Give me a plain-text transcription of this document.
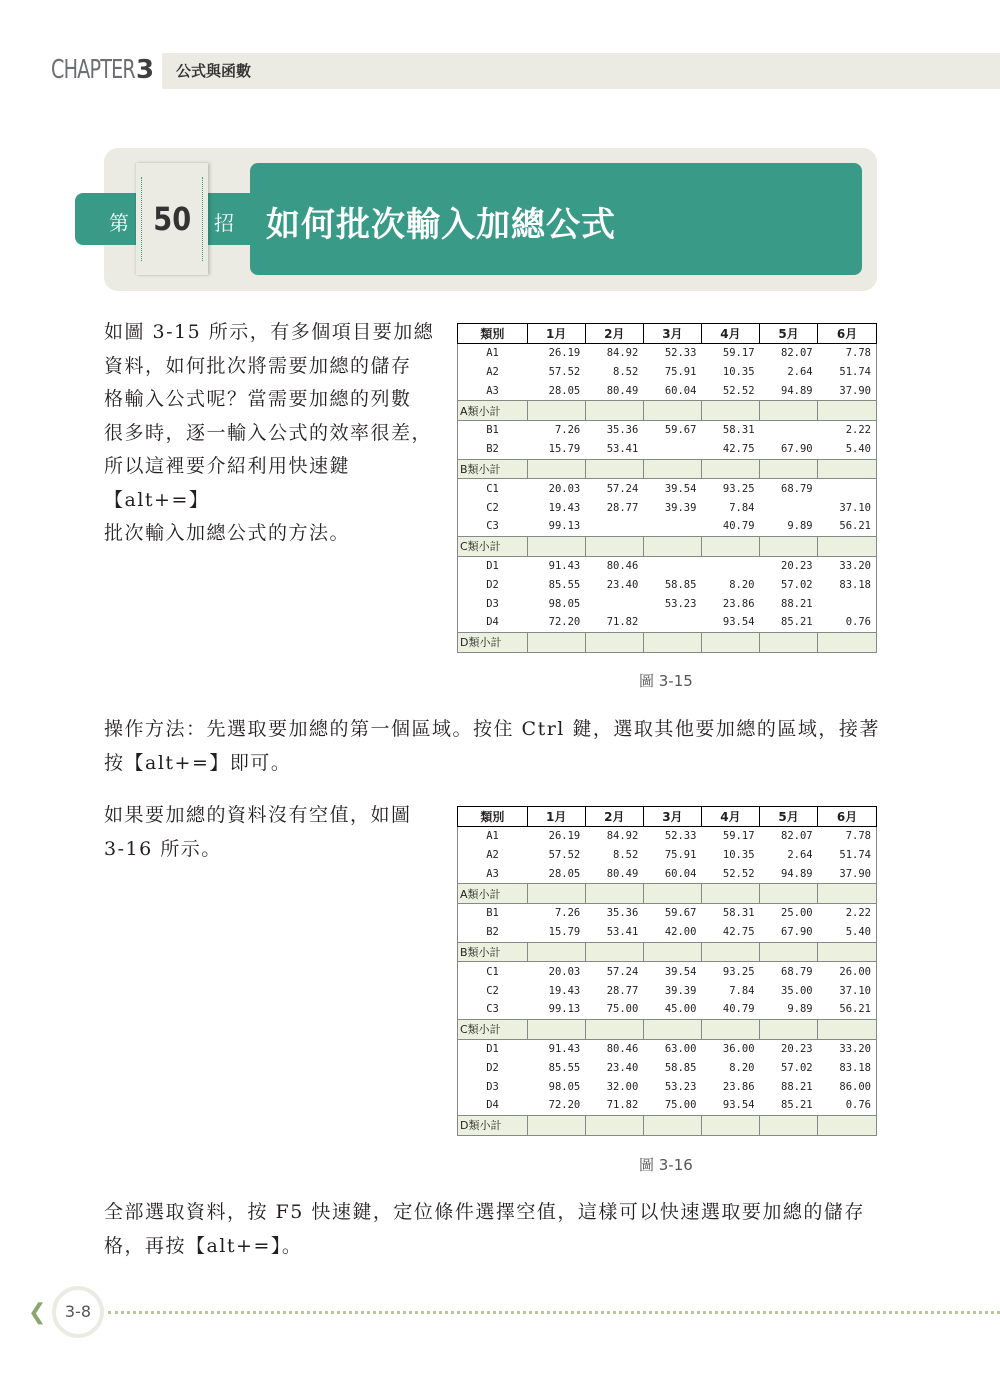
CHAPTER 3 公式與函數
第 50 招 如何批次輸入加總公式
如圖 3-15 所示，有多個項目要加總
資料，如何批次將需要加總的儲存
格輸入公式呢？當需要加總的列數
很多時，逐一輸入公式的效率很差，
所以這裡要介紹利用快速鍵【alt+=】
批次輸入加總公式的方法。
類別	1月	2月	3月	4月	5月	6月
A1	26.19	84.92	52.33	59.17	82.07	7.78
A2	57.52	8.52	75.91	10.35	2.64	51.74
A3	28.05	80.49	60.04	52.52	94.89	37.90
A類小計						
B1	7.26	35.36	59.67	58.31		2.22
B2	15.79	53.41		42.75	67.90	5.40
B類小計						
C1	20.03	57.24	39.54	93.25	68.79	
C2	19.43	28.77	39.39	7.84		37.10
C3	99.13			40.79	9.89	56.21
C類小計						
D1	91.43	80.46			20.23	33.20
D2	85.55	23.40	58.85	8.20	57.02	83.18
D3	98.05		53.23	23.86	88.21	
D4	72.20	71.82		93.54	85.21	0.76
D類小計						
圖 3-15
操作方法：先選取要加總的第一個區域。按住 Ctrl 鍵，選取其他要加總的區域，接著
按【alt+=】即可。
如果要加總的資料沒有空值，如圖
3-16 所示。
類別	1月	2月	3月	4月	5月	6月
A1	26.19	84.92	52.33	59.17	82.07	7.78
A2	57.52	8.52	75.91	10.35	2.64	51.74
A3	28.05	80.49	60.04	52.52	94.89	37.90
A類小計						
B1	7.26	35.36	59.67	58.31	25.00	2.22
B2	15.79	53.41	42.00	42.75	67.90	5.40
B類小計						
C1	20.03	57.24	39.54	93.25	68.79	26.00
C2	19.43	28.77	39.39	7.84	35.00	37.10
C3	99.13	75.00	45.00	40.79	9.89	56.21
C類小計						
D1	91.43	80.46	63.00	36.00	20.23	33.20
D2	85.55	23.40	58.85	8.20	57.02	83.18
D3	98.05	32.00	53.23	23.86	88.21	86.00
D4	72.20	71.82	75.00	93.54	85.21	0.76
D類小計						
圖 3-16
全部選取資料，按 F5 快速鍵，定位條件選擇空值，這樣可以快速選取要加總的儲存
格，再按【alt+=】。
❮	3-8
